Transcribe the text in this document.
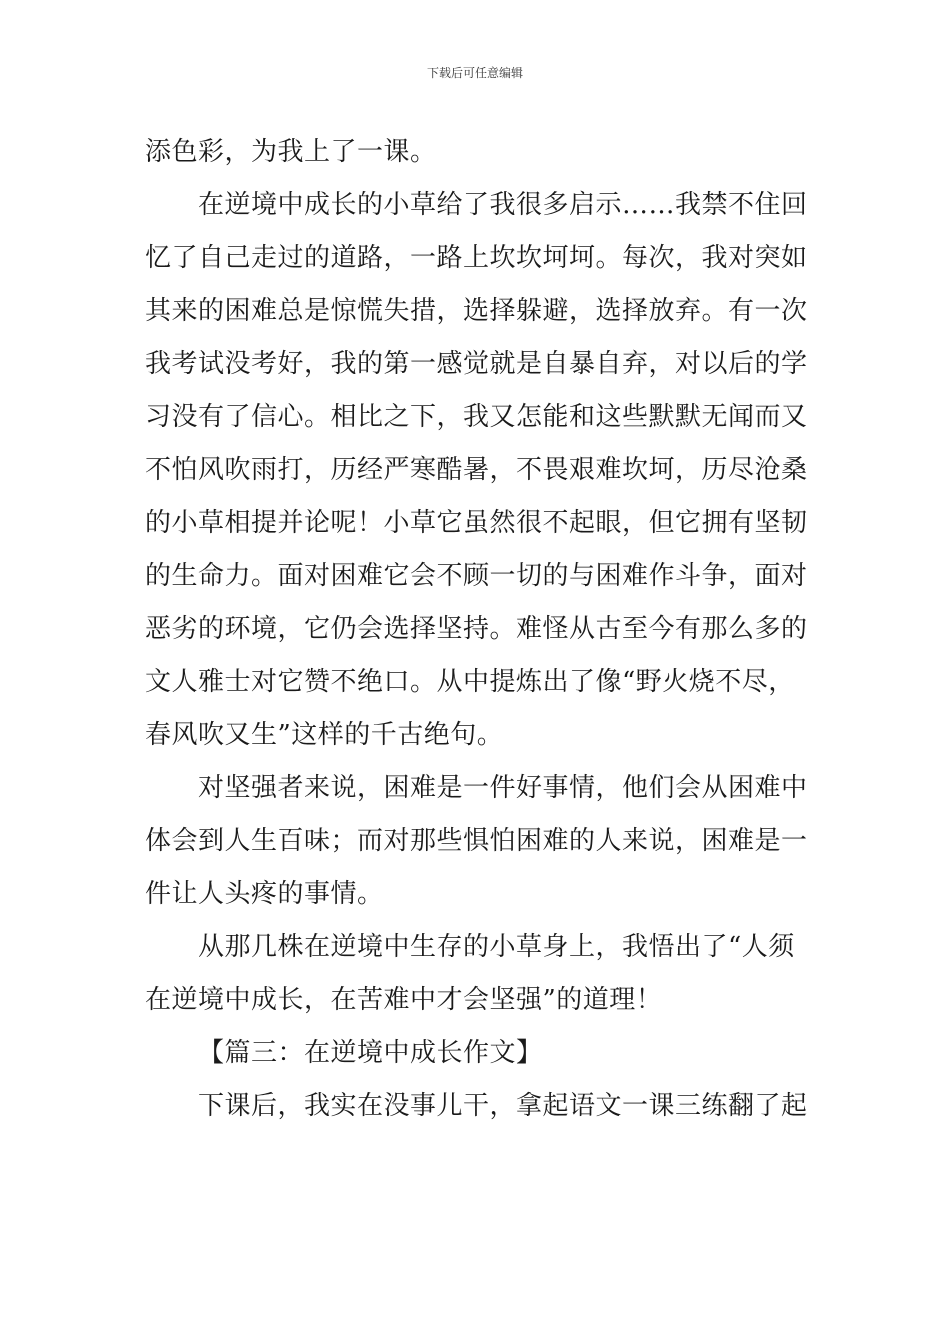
下载后可任意编辑
添色彩，为我上了一课。
在逆境中成长的小草给了我很多启示……我禁不住回
忆了自己走过的道路，一路上坎坎坷坷。每次，我对突如
其来的困难总是惊慌失措，选择躲避，选择放弃。有一次
我考试没考好，我的第一感觉就是自暴自弃，对以后的学
习没有了信心。相比之下，我又怎能和这些默默无闻而又
不怕风吹雨打，历经严寒酷暑，不畏艰难坎坷，历尽沧桑
的小草相提并论呢！小草它虽然很不起眼，但它拥有坚韧
的生命力。面对困难它会不顾一切的与困难作斗争，面对
恶劣的环境，它仍会选择坚持。难怪从古至今有那么多的
文人雅士对它赞不绝口。从中提炼出了像“野火烧不尽，
春风吹又生”这样的千古绝句。
对坚强者来说，困难是一件好事情，他们会从困难中
体会到人生百味；而对那些惧怕困难的人来说，困难是一
件让人头疼的事情。
从那几株在逆境中生存的小草身上，我悟出了“人须
在逆境中成长，在苦难中才会坚强”的道理！
【篇三：在逆境中成长作文】
下课后，我实在没事儿干，拿起语文一课三练翻了起
